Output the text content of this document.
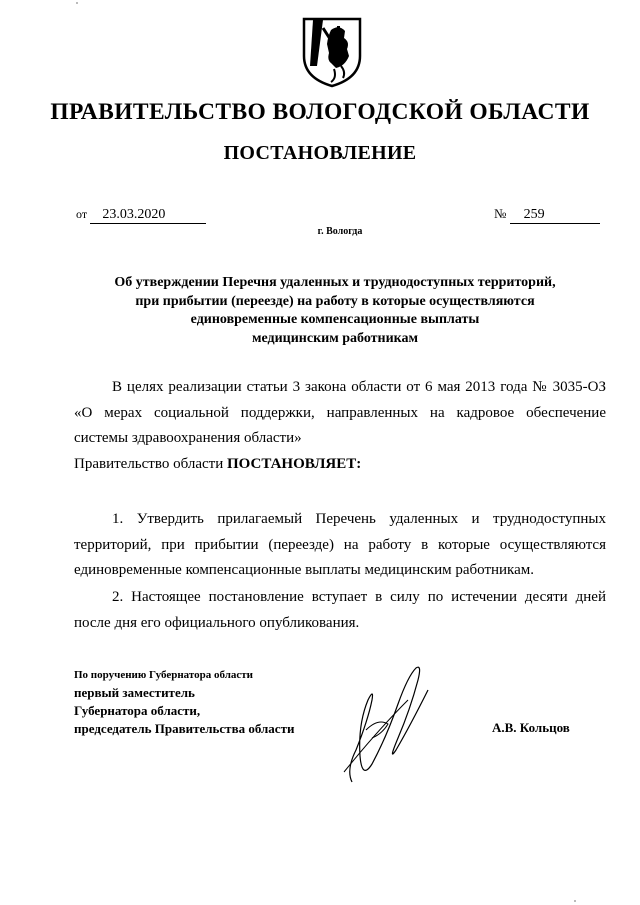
ПРАВИТЕЛЬСТВО ВОЛОГОДСКОЙ ОБЛАСТИ
ПОСТАНОВЛЕНИЕ
от 23.03.2020	№ 259
г. Вологда
Об утверждении Перечня удаленных и труднодоступных территорий,
при прибытии (переезде) на работу в которые осуществляются
единовременные компенсационные выплаты
медицинским работникам
В целях реализации статьи 3 закона области от 6 мая 2013 года № 3035-ОЗ «О мерах социальной поддержки, направленных на кадровое обеспечение системы здравоохранения области»
Правительство области ПОСТАНОВЛЯЕТ:
1. Утвердить прилагаемый Перечень удаленных и труднодоступных территорий, при прибытии (переезде) на работу в которые осуществляются единовременные компенсационные выплаты медицинским работникам.
2. Настоящее постановление вступает в силу по истечении десяти дней после дня его официального опубликования.
По поручению Губернатора области
первый заместитель
Губернатора области,
председатель Правительства области	А.В. Кольцов
